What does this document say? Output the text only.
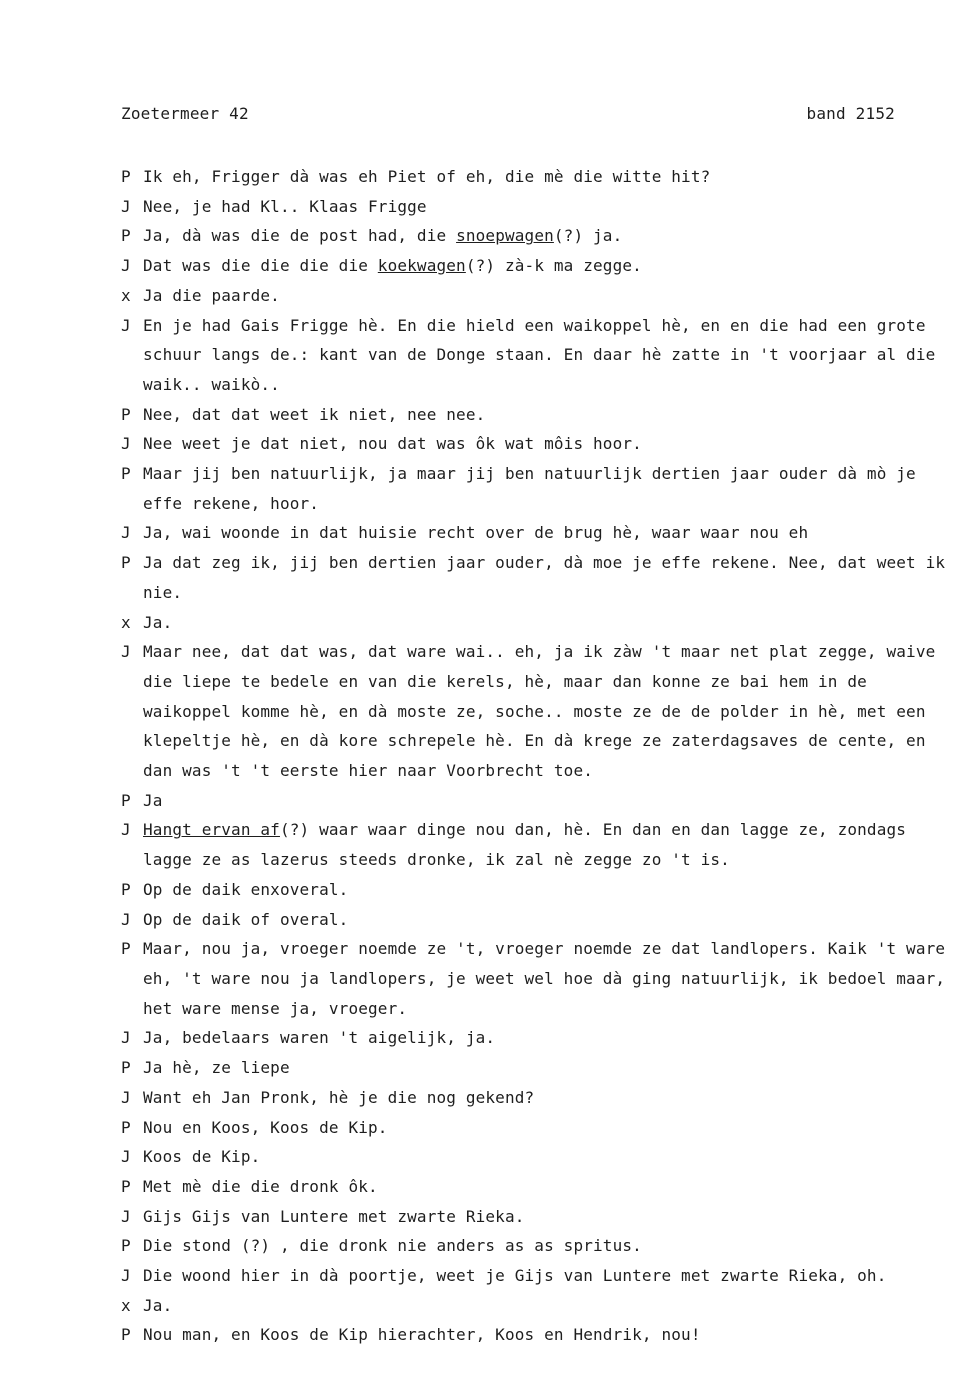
Zoetermeer 42	band 2152
P Ik eh, Frigger dà was eh Piet of eh, die mè die witte hit?
J Nee, je had Kl.. Klaas Frigge
P Ja, dà was die de post had, die snoepwagen(?) ja.
J Dat was die die die die koekwagen(?) zà-k ma zegge.
x Ja die paarde.
J En je had Gais Frigge hè. En die hield een waikoppel hè, en en die had een grote schuur langs de.: kant van de Donge staan. En daar hè zatte in 't voorjaar al die waik.. waikò..
P Nee, dat dat weet ik niet, nee nee.
J Nee weet je dat niet, nou dat was ôk wat môis hoor.
P Maar jij ben natuurlijk, ja maar jij ben natuurlijk dertien jaar ouder dà mò je effe rekene, hoor.
J Ja, wai woonde in dat huisie recht over de brug hè, waar waar nou eh
P Ja dat zeg ik, jij ben dertien jaar ouder, dà moe je effe rekene. Nee, dat weet ik nie.
x Ja.
J Maar nee, dat dat was, dat ware wai.. eh, ja ik zàw 't maar net plat zegge, waive die liepe te bedele en van die kerels, hè, maar dan konne ze bai hem in de waikoppel komme hè, en dà moste ze, soche.. moste ze de de polder in hè, met een klepeltje hè, en dà kore schrepele hè. En dà krege ze zaterdagsaves de cente, en dan was 't 't eerste hier naar Voorbrecht toe.
P Ja
J Hangt ervan af(?) waar waar dinge nou dan, hè. En dan en dan lagge ze, zondags lagge ze as lazerus steeds dronke, ik zal nè zegge zo 't is.
P Op de daik enxoveral.
J Op de daik of overal.
P Maar, nou ja, vroeger noemde ze 't, vroeger noemde ze dat landlopers. Kaik 't ware eh, 't ware nou ja landlopers, je weet wel hoe dà ging natuurlijk, ik bedoel maar, het ware mense ja, vroeger.
J Ja, bedelaars waren 't aigelijk, ja.
P Ja hè, ze liepe
J Want eh Jan Pronk, hè je die nog gekend?
P Nou en Koos, Koos de Kip.
J Koos de Kip.
P Met mè die die dronk ôk.
J Gijs Gijs van Luntere met zwarte Rieka.
P Die stond (?) , die dronk nie anders as as spritus.
J Die woond hier in dà poortje, weet je Gijs van Luntere met zwarte Rieka, oh.
x Ja.
P Nou man, en Koos de Kip hierachter, Koos en Hendrik, nou!
